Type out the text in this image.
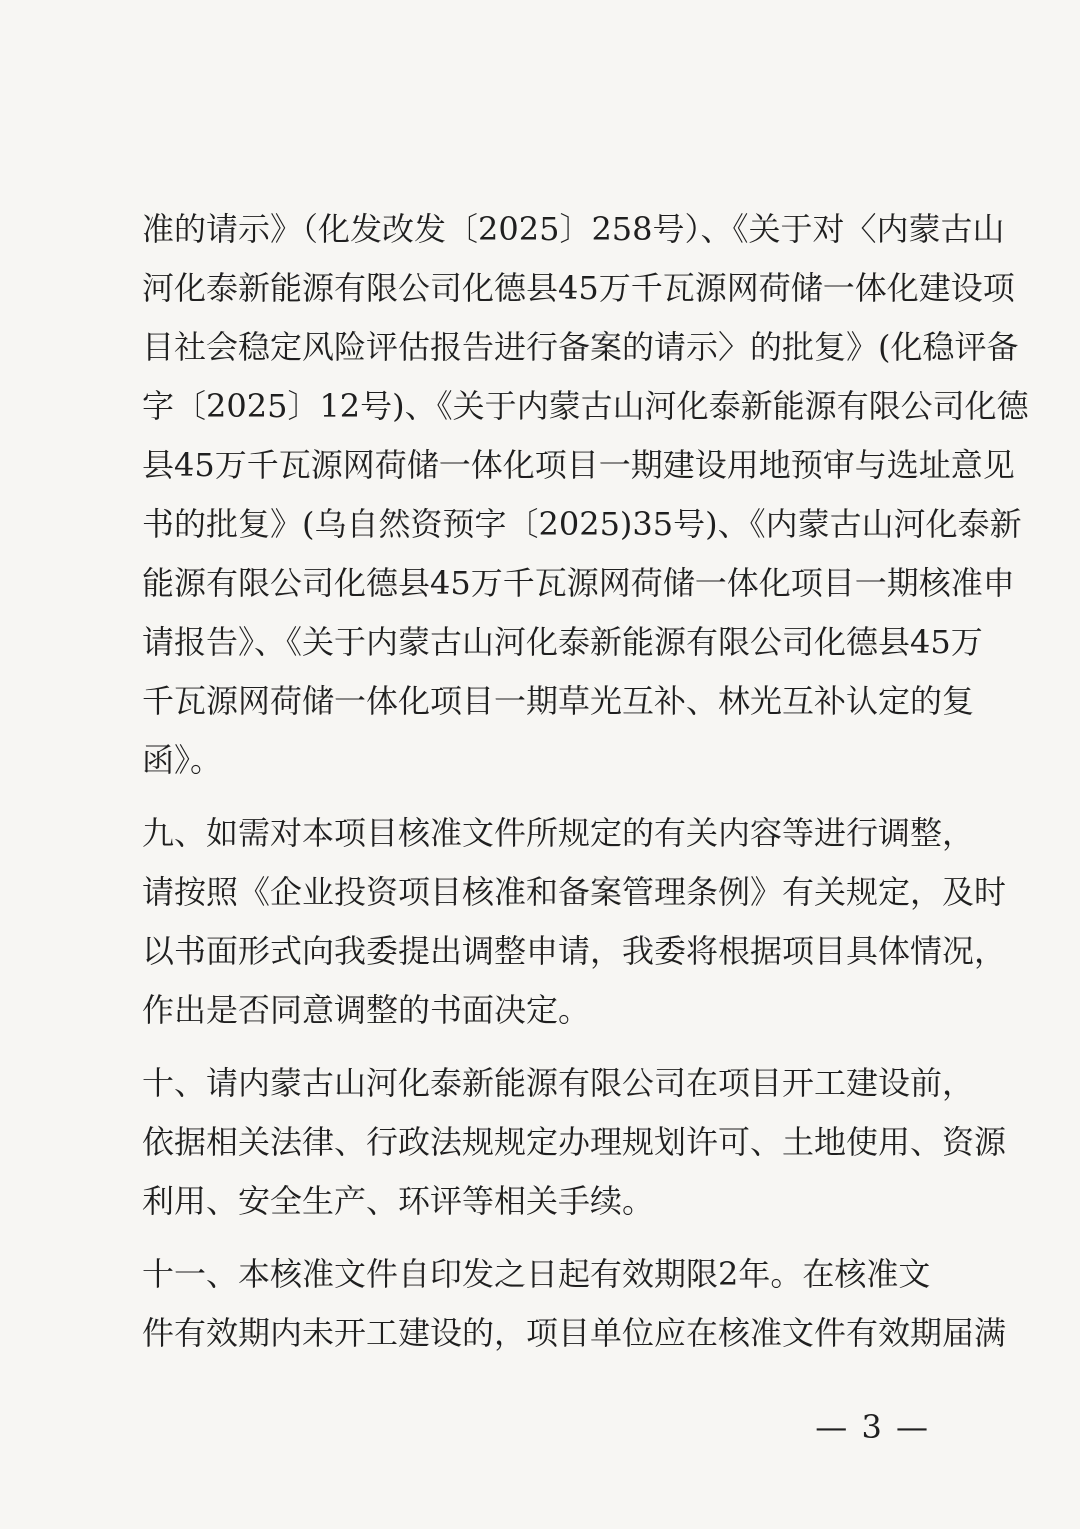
准的请示》（化发改发〔2025〕258号）、《关于对〈内蒙古山
河化泰新能源有限公司化德县45万千瓦源网荷储一体化建设项
目社会稳定风险评估报告进行备案的请示〉的批复》(化稳评备
字〔2025〕12号)、《关于内蒙古山河化泰新能源有限公司化德
县45万千瓦源网荷储一体化项目一期建设用地预审与选址意见
书的批复》(乌自然资预字〔2025)35号)、《内蒙古山河化泰新
能源有限公司化德县45万千瓦源网荷储一体化项目一期核准申
请报告》、《关于内蒙古山河化泰新能源有限公司化德县45万
千瓦源网荷储一体化项目一期草光互补、林光互补认定的复
函》。
九、如需对本项目核准文件所规定的有关内容等进行调整，
请按照《企业投资项目核准和备案管理条例》有关规定，及时
以书面形式向我委提出调整申请，我委将根据项目具体情况，
作出是否同意调整的书面决定。
十、请内蒙古山河化泰新能源有限公司在项目开工建设前，
依据相关法律、行政法规规定办理规划许可、土地使用、资源
利用、安全生产、环评等相关手续。
十一、本核准文件自印发之日起有效期限2年。在核准文
件有效期内未开工建设的，项目单位应在核准文件有效期届满
— 3 —
